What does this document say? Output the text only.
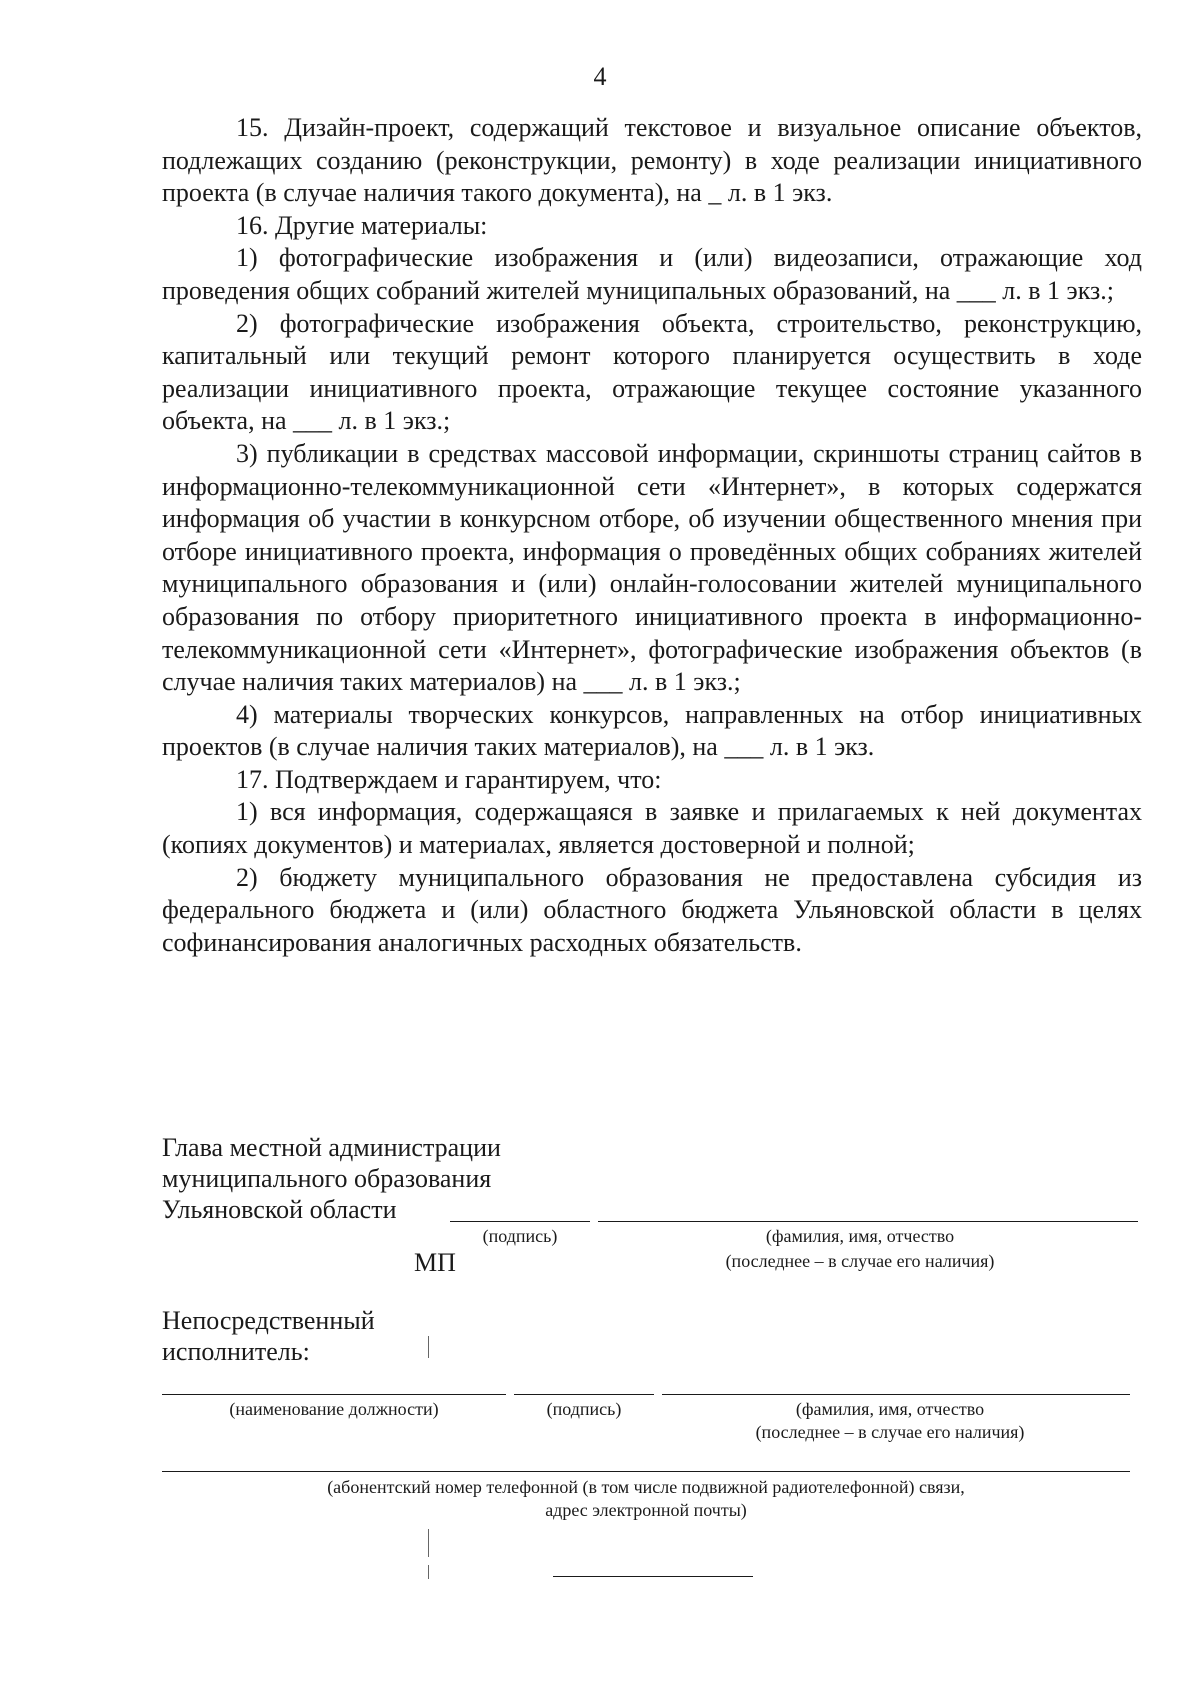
4

15. Дизайн-проект, содержащий текстовое и визуальное описание объектов, подлежащих созданию (реконструкции, ремонту) в ходе реализации инициативного проекта (в случае наличия такого документа), на _ л. в 1 экз.

16. Другие материалы:

1) фотографические изображения и (или) видеозаписи, отражающие ход проведения общих собраний жителей муниципальных образований, на ___ л. в 1 экз.;

2) фотографические изображения объекта, строительство, реконструкцию, капитальный или текущий ремонт которого планируется осуществить в ходе реализации инициативного проекта, отражающие текущее состояние указанного объекта, на ___ л. в 1 экз.;

3) публикации в средствах массовой информации, скриншоты страниц сайтов в информационно-телекоммуникационной сети «Интернет», в которых содержатся информация об участии в конкурсном отборе, об изучении общественного мнения при отборе инициативного проекта, информация о проведённых общих собраниях жителей муниципального образования и (или) онлайн-голосовании жителей муниципального образования по отбору приоритетного инициативного проекта в информационно-телекоммуникационной сети «Интернет», фотографические изображения объектов (в случае наличия таких материалов) на ___ л. в 1 экз.;

4) материалы творческих конкурсов, направленных на отбор инициативных проектов (в случае наличия таких материалов), на ___ л. в 1 экз.

17. Подтверждаем и гарантируем, что:

1) вся информация, содержащаяся в заявке и прилагаемых к ней документах (копиях документов) и материалах, является достоверной и полной;

2) бюджету муниципального образования не предоставлена субсидия из федерального бюджета и (или) областного бюджета Ульяновской области в целях софинансирования аналогичных расходных обязательств.

Глава местной администрации
муниципального образования
Ульяновской области
(подпись)	(фамилия, имя, отчество
МП	(последнее – в случае его наличия)
Непосредственный
исполнитель:
(наименование должности)	(подпись)	(фамилия, имя, отчество
(последнее – в случае его наличия)
(абонентский номер телефонной (в том числе подвижной радиотелефонной) связи,
адрес электронной почты)
